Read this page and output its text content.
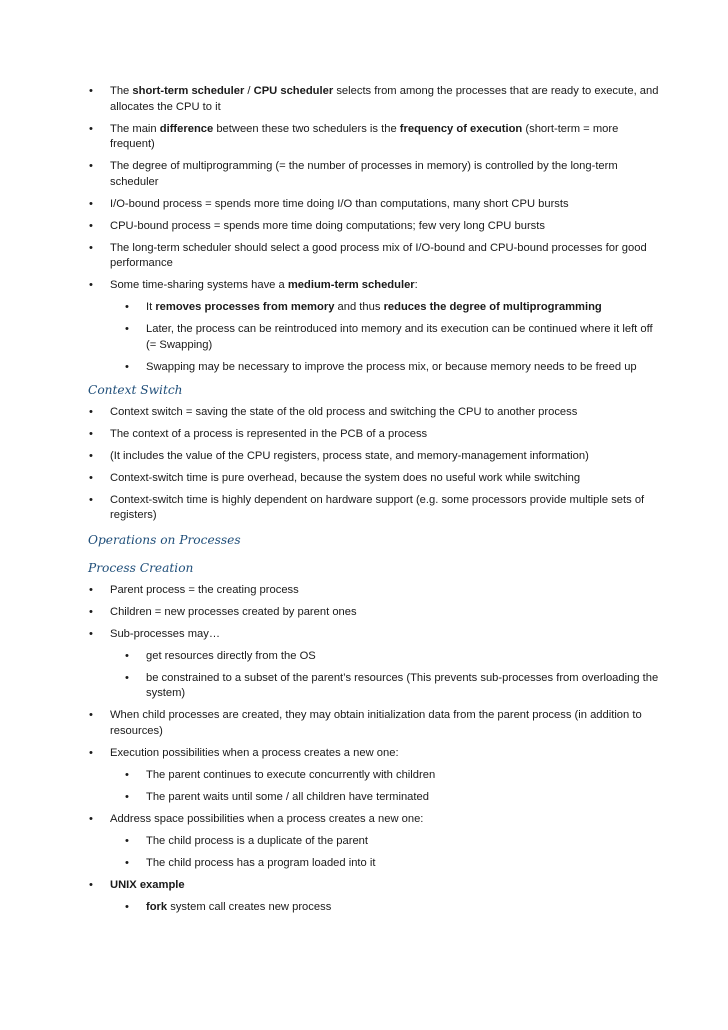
•	The short-term scheduler / CPU scheduler selects from among the processes that are ready to execute, and allocates the CPU to it
•	The main difference between these two schedulers is the frequency of execution (short-term = more frequent)
•	The degree of multiprogramming (= the number of processes in memory) is controlled by the long-term scheduler
•	I/O-bound process = spends more time doing I/O than computations, many short CPU bursts
•	CPU-bound process = spends more time doing computations; few very long CPU bursts
•	The long-term scheduler should select a good process mix of I/O-bound and CPU-bound processes for good performance
•	Some time-sharing systems have a medium-term scheduler:
•	It removes processes from memory and thus reduces the degree of multiprogramming
•	Later, the process can be reintroduced into memory and its execution can be continued where it left off (= Swapping)
•	Swapping may be necessary to improve the process mix, or because memory needs to be freed up
Context Switch
•	Context switch = saving the state of the old process and switching the CPU to another process
•	The context of a process is represented in the PCB of a process
•	(It includes the value of the CPU registers, process state, and memory-management information)
•	Context-switch time is pure overhead, because the system does no useful work while switching
•	Context-switch time is highly dependent on hardware support (e.g. some processors provide multiple sets of registers)
Operations on Processes
Process Creation
•	Parent process = the creating process
•	Children = new processes created by parent ones
•	Sub-processes may…
•	get resources directly from the OS
•	be constrained to a subset of the parent’s resources (This prevents sub-processes from overloading the system)
•	When child processes are created, they may obtain initialization data from the parent process (in addition to resources)
•	Execution possibilities when a process creates a new one:
•	The parent continues to execute concurrently with children
•	The parent waits until some / all children have terminated
•	Address space possibilities when a process creates a new one:
•	The child process is a duplicate of the parent
•	The child process has a program loaded into it
•	UNIX example
•	fork system call creates new process
